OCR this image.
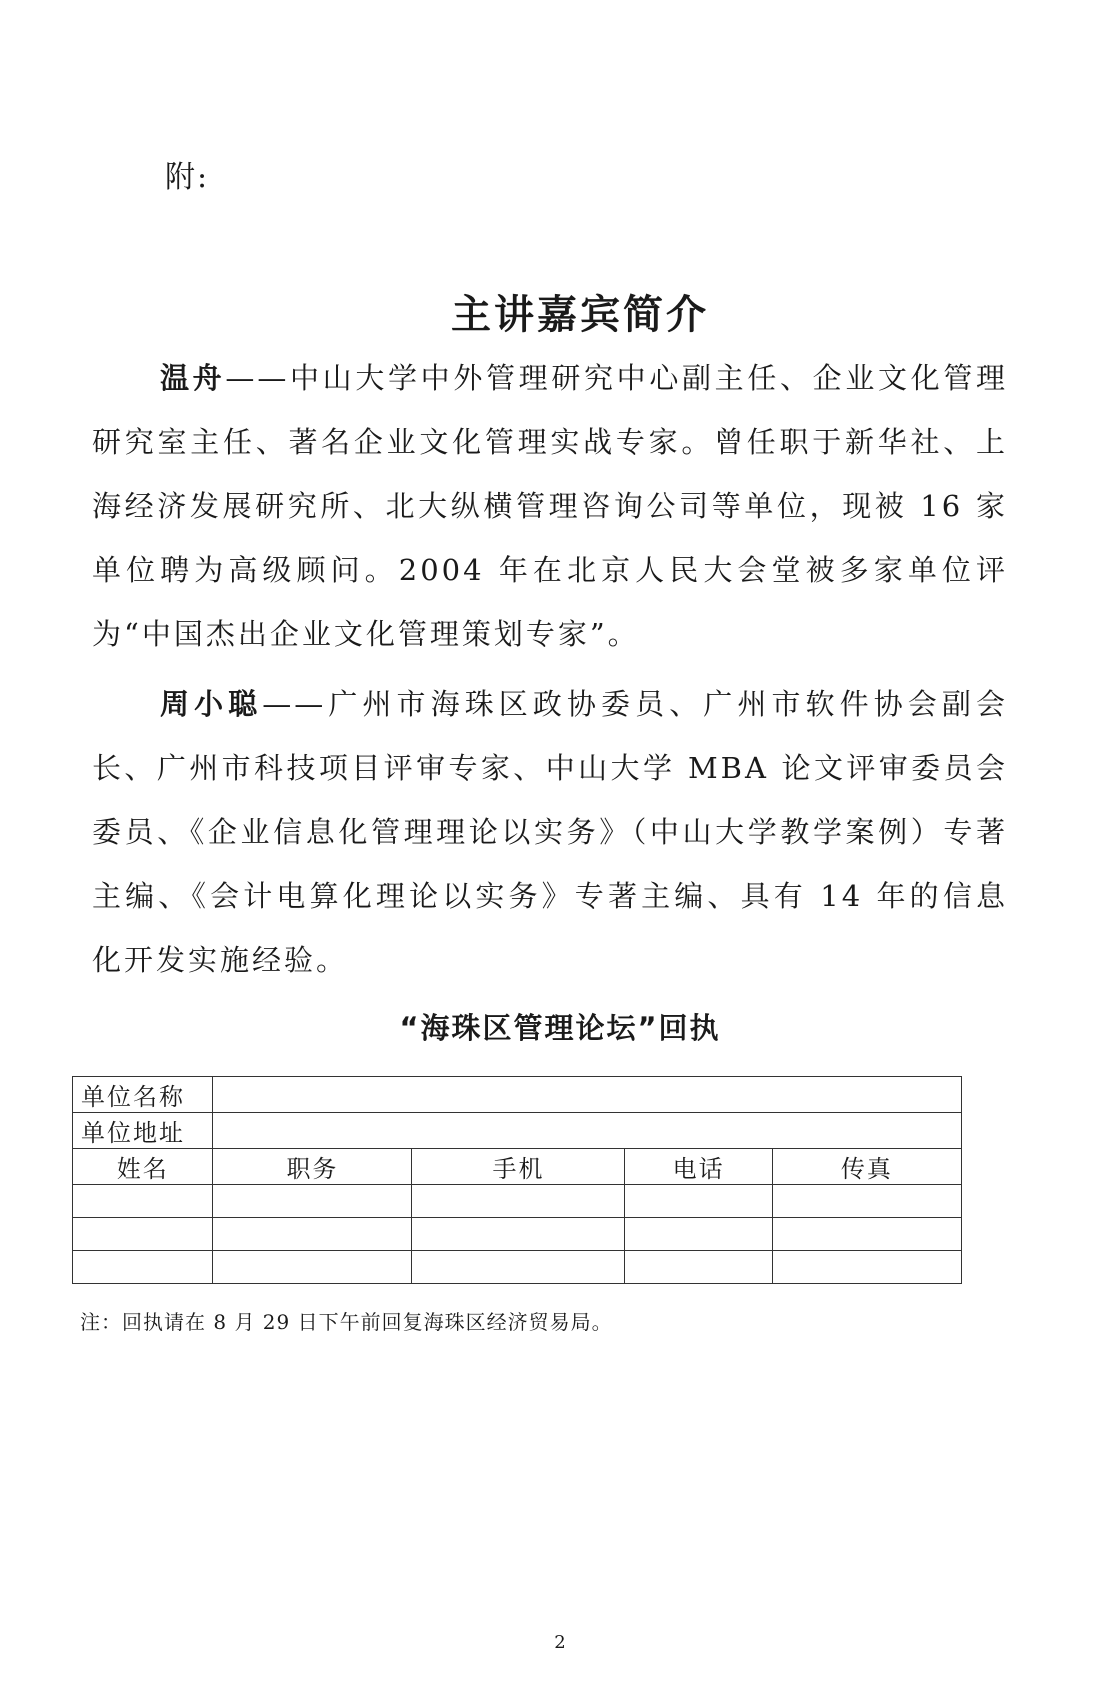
附:
主讲嘉宾简介

温舟——中山大学中外管理研究中心副主任、企业文化管理研究室主任、著名企业文化管理实战专家。曾任职于新华社、上海经济发展研究所、北大纵横管理咨询公司等单位，现被 16 家单位聘为高级顾问。2004 年在北京人民大会堂被多家单位评为“中国杰出企业文化管理策划专家”。

周小聪——广州市海珠区政协委员、广州市软件协会副会长、广州市科技项目评审专家、中山大学 MBA 论文评审委员会委员、《企业信息化管理理论以实务》（中山大学教学案例）专著主编、《会计电算化理论以实务》专著主编、具有 14 年的信息化开发实施经验。

“海珠区管理论坛”回执
单位名称				
单位地址				
姓名	职务	手机	电话	传真

注：回执请在 8 月 29 日下午前回复海珠区经济贸易局。
2
